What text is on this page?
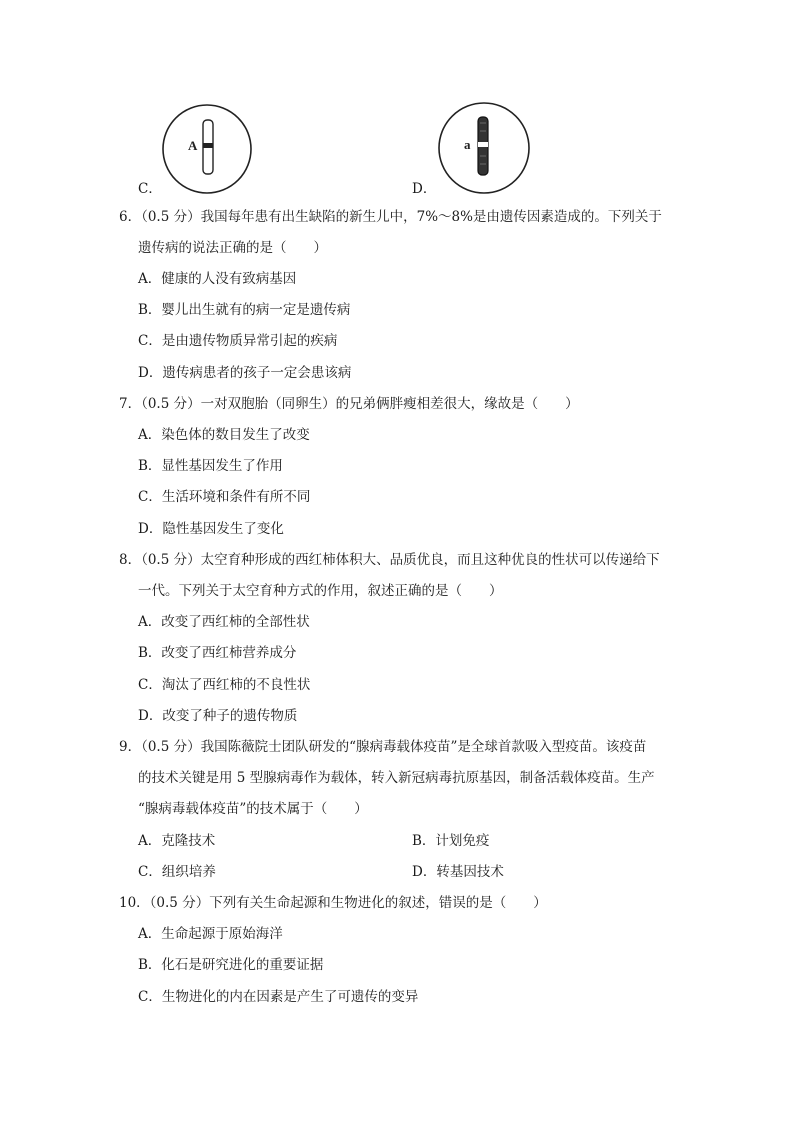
A
C．
a
D．
6．（0.5 分）我国每年患有出生缺陷的新生儿中，7%～8%是由遗传因素造成的。下列关于
遗传病的说法正确的是（　　）
A．健康的人没有致病基因
B．婴儿出生就有的病一定是遗传病
C．是由遗传物质异常引起的疾病
D．遗传病患者的孩子一定会患该病
7．（0.5 分）一对双胞胎（同卵生）的兄弟俩胖瘦相差很大，缘故是（　　）
A．染色体的数目发生了改变
B．显性基因发生了作用
C．生活环境和条件有所不同
D．隐性基因发生了变化
8．（0.5 分）太空育种形成的西红柿体积大、品质优良，而且这种优良的性状可以传递给下
一代。下列关于太空育种方式的作用，叙述正确的是（　　）
A．改变了西红柿的全部性状
B．改变了西红柿营养成分
C．淘汰了西红柿的不良性状
D．改变了种子的遗传物质
9．（0.5 分）我国陈薇院士团队研发的“腺病毒载体疫苗”是全球首款吸入型疫苗。该疫苗
的技术关键是用 5 型腺病毒作为载体，转入新冠病毒抗原基因，制备活载体疫苗。生产
“腺病毒载体疫苗”的技术属于（　　）
A．克隆技术	B．计划免疫
C．组织培养	D．转基因技术
10．（0.5 分）下列有关生命起源和生物进化的叙述，错误的是（　　）
A．生命起源于原始海洋
B．化石是研究进化的重要证据
C．生物进化的内在因素是产生了可遗传的变异
